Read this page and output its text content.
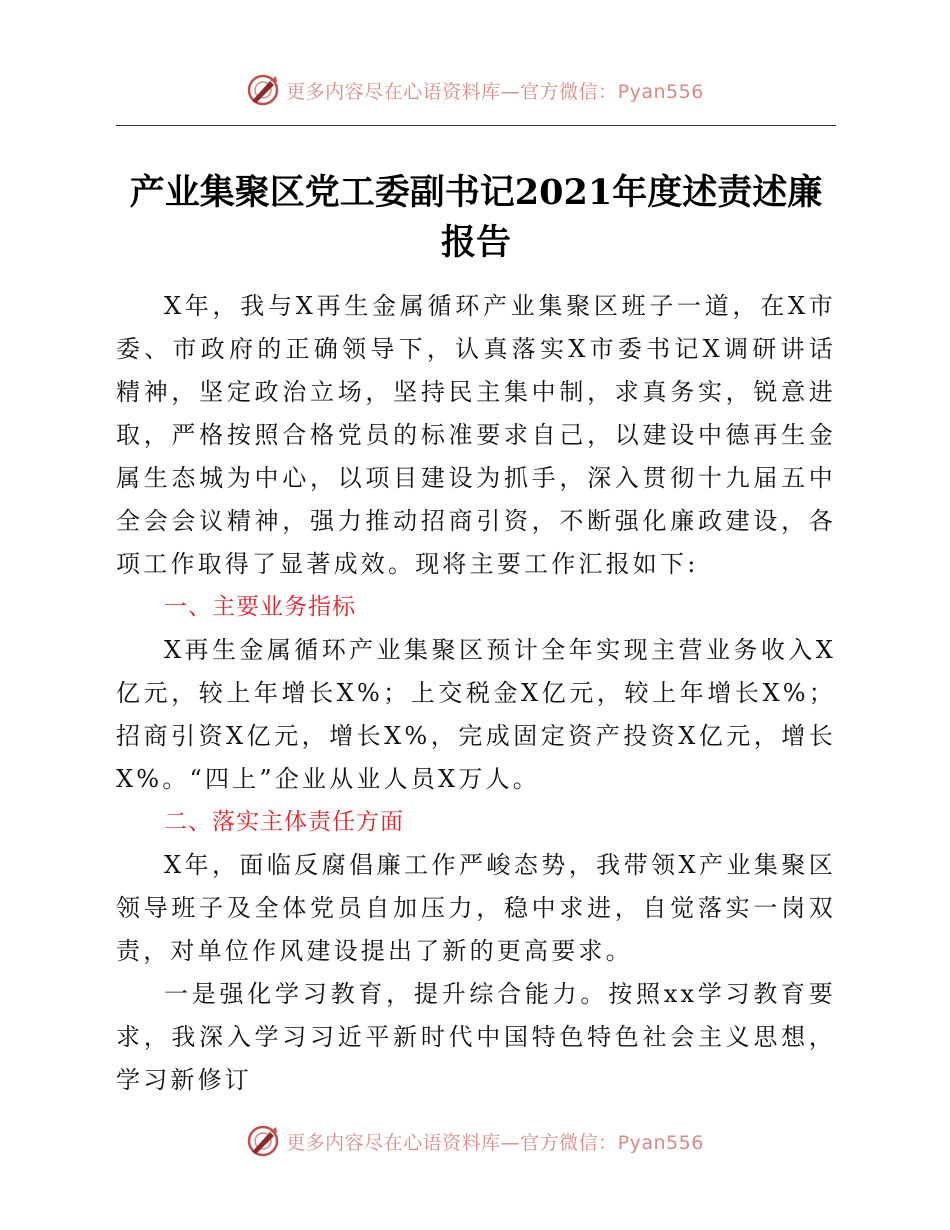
更多内容尽在心语资料库—官方微信：Pyan556
产业集聚区党工委副书记2021年度述责述廉报告

X年，我与X再生金属循环产业集聚区班子一道，在X市委、市政府的正确领导下，认真落实X市委书记X调研讲话精神，坚定政治立场，坚持民主集中制，求真务实，锐意进取，严格按照合格党员的标准要求自己，以建设中德再生金属生态城为中心，以项目建设为抓手，深入贯彻十九届五中全会会议精神，强力推动招商引资，不断强化廉政建设，各项工作取得了显著成效。现将主要工作汇报如下:

一、主要业务指标

X再生金属循环产业集聚区预计全年实现主营业务收入X亿元，较上年增长X%；上交税金X亿元，较上年增长X%；招商引资X亿元，增长X%，完成固定资产投资X亿元，增长X%。“四上”企业从业人员X万人。

二、落实主体责任方面

X年，面临反腐倡廉工作严峻态势，我带领X产业集聚区领导班子及全体党员自加压力，稳中求进，自觉落实一岗双责，对单位作风建设提出了新的更高要求。

一是强化学习教育，提升综合能力。按照xx学习教育要求，我深入学习习近平新时代中国特色特色社会主义思想，学习新修订

更多内容尽在心语资料库—官方微信：Pyan556
